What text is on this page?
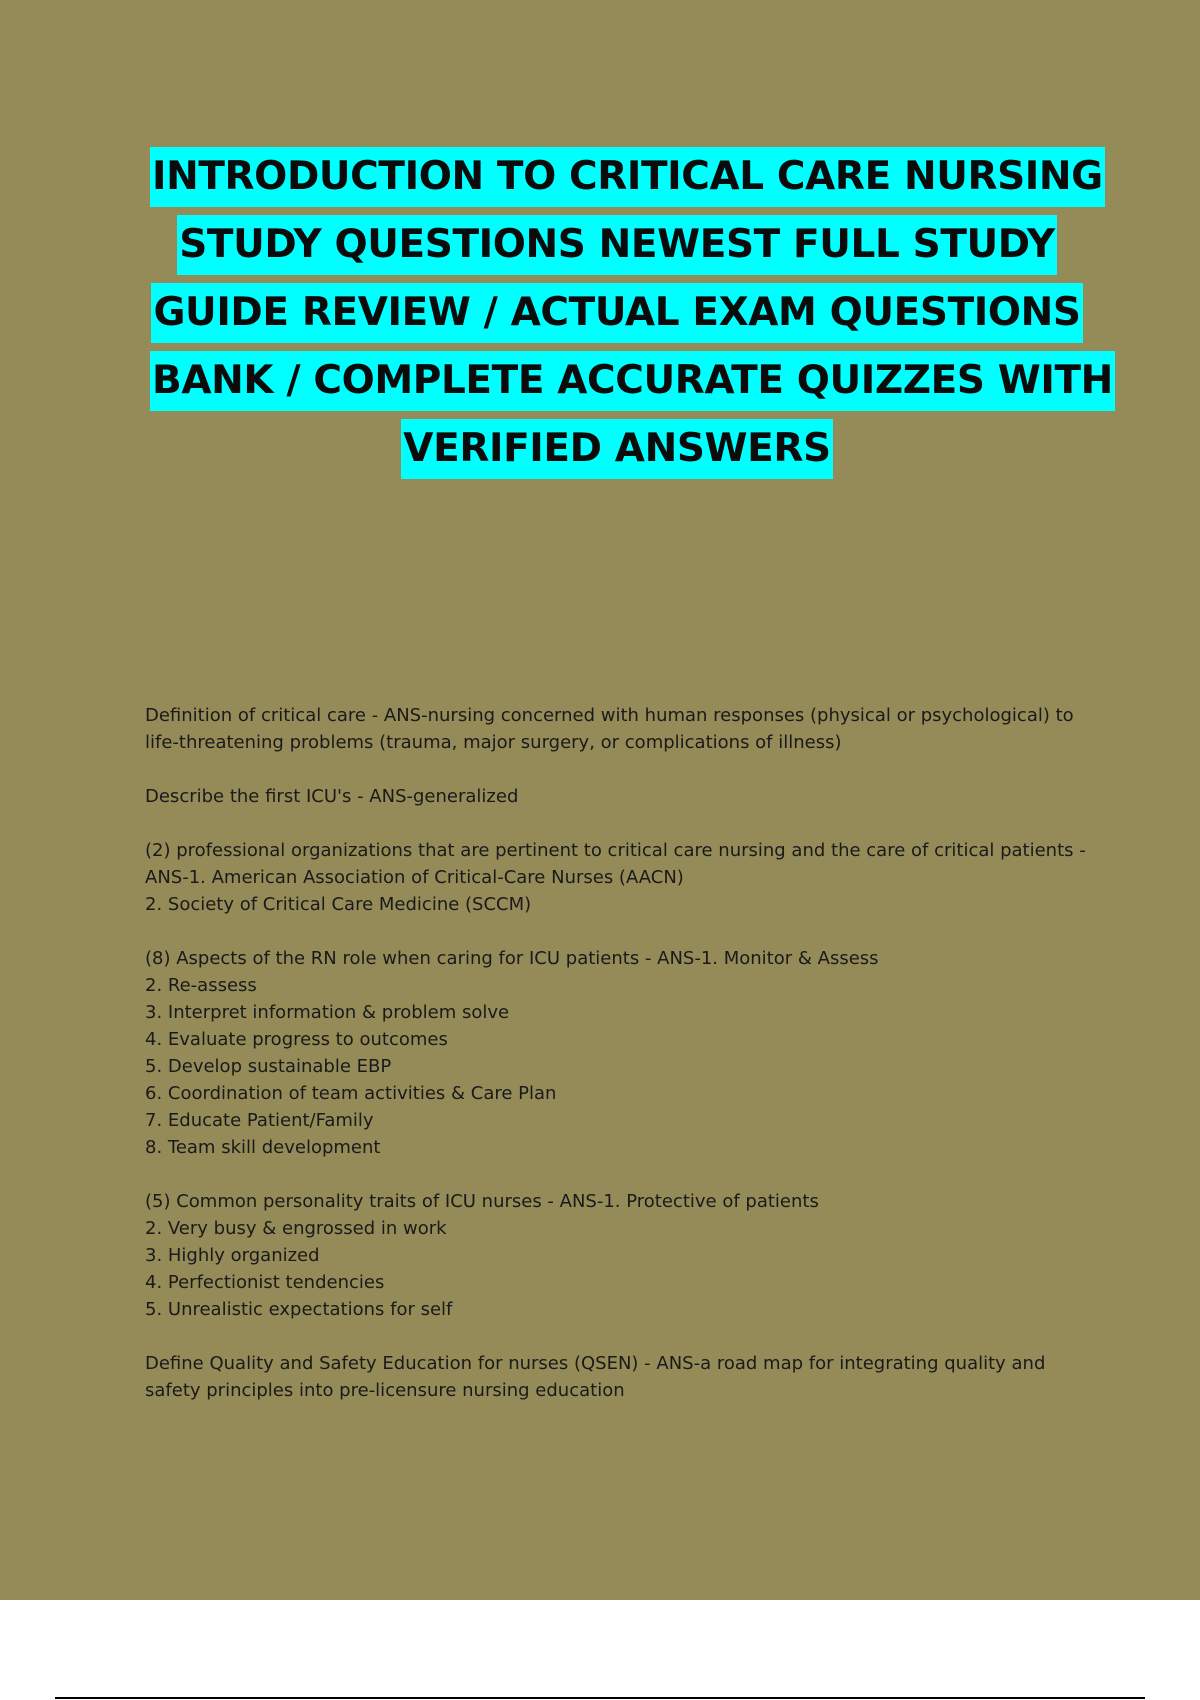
INTRODUCTION TO CRITICAL CARE NURSING
STUDY QUESTIONS NEWEST FULL STUDY
GUIDE REVIEW / ACTUAL EXAM QUESTIONS
BANK / COMPLETE ACCURATE QUIZZES WITH
VERIFIED ANSWERS
Definition of critical care - ANS-nursing concerned with human responses (physical or psychological) to
life-threatening problems (trauma, major surgery, or complications of illness)
Describe the first ICU's - ANS-generalized
(2) professional organizations that are pertinent to critical care nursing and the care of critical patients -
ANS-1. American Association of Critical-Care Nurses (AACN)
2. Society of Critical Care Medicine (SCCM)
(8) Aspects of the RN role when caring for ICU patients - ANS-1. Monitor & Assess
2. Re-assess
3. Interpret information & problem solve
4. Evaluate progress to outcomes
5. Develop sustainable EBP
6. Coordination of team activities & Care Plan
7. Educate Patient/Family
8. Team skill development
(5) Common personality traits of ICU nurses - ANS-1. Protective of patients
2. Very busy & engrossed in work
3. Highly organized
4. Perfectionist tendencies
5. Unrealistic expectations for self
Define Quality and Safety Education for nurses (QSEN) - ANS-a road map for integrating quality and
safety principles into pre-licensure nursing education
